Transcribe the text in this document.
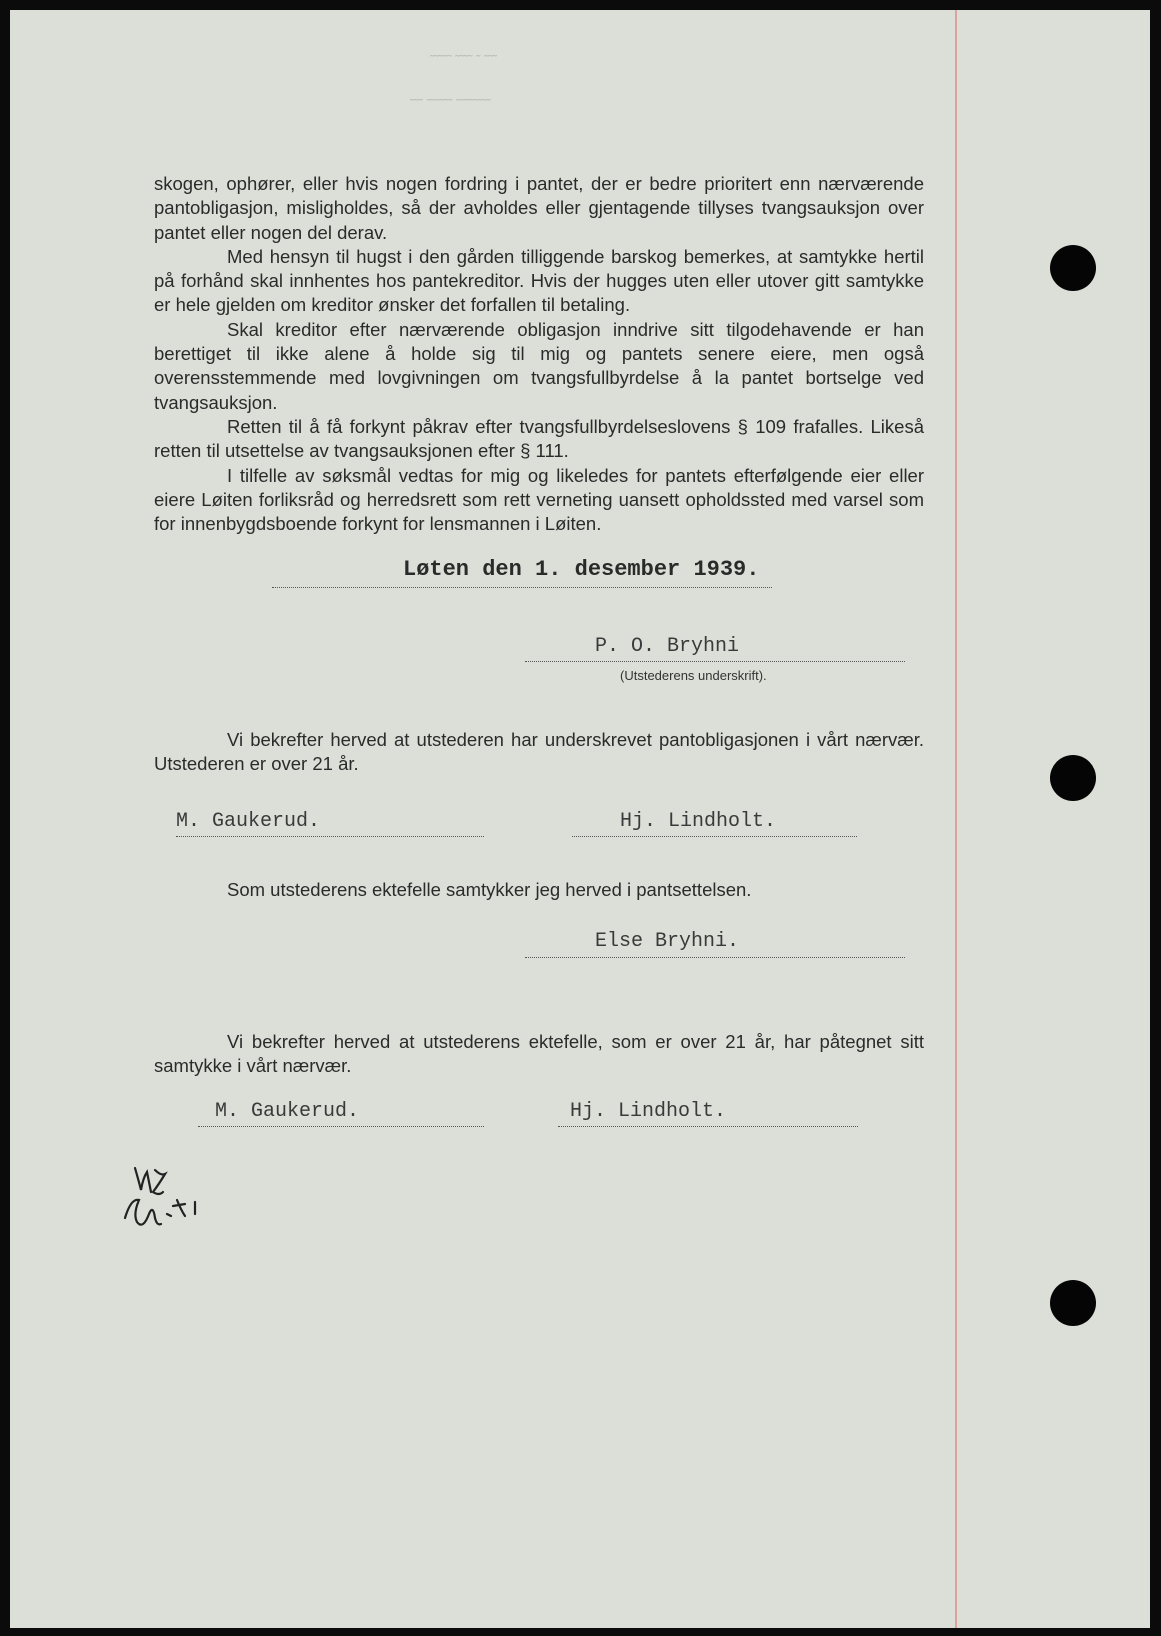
˜˜˜˜˜ ˜˜˜˜ ˜ ˜˜˜
˜˜˜ ˜˜˜˜˜˜ ˜˜˜˜˜˜˜˜

skogen, ophører, eller hvis nogen fordring i pantet, der er bedre prioritert enn nærværende pantobligasjon, misligholdes, så der avholdes eller gjentagende tillyses tvangsauksjon over pantet eller nogen del derav.

Med hensyn til hugst i den gården tilliggende barskog bemerkes, at samtykke hertil på forhånd skal innhentes hos pantekreditor. Hvis der hugges uten eller utover gitt samtykke er hele gjelden om kreditor ønsker det forfallen til betaling.

Skal kreditor efter nærværende obligasjon inndrive sitt tilgodehavende er han berettiget til ikke alene å holde sig til mig og pantets senere eiere, men også overensstemmende med lovgivningen om tvangsfullbyrdelse å la pantet bortselge ved tvangsauksjon.

Retten til å få forkynt påkrav efter tvangsfullbyrdelseslovens § 109 frafalles. Likeså retten til utsettelse av tvangsauksjonen efter § 111.

I tilfelle av søksmål vedtas for mig og likeledes for pantets efterfølgende eier eller eiere Løiten forliksråd og herredsrett som rett verneting uansett opholdssted med varsel som for innenbygdsboende forkynt for lensmannen i Løiten.

Løten den 1. desember 1939.
P. O. Bryhni
(Utstederens underskrift).
Vi bekrefter herved at utstederen har underskrevet pantobligasjonen i vårt nærvær. Utstederen er over 21 år.
M. Gaukerud.	Hj. Lindholt.
Som utstederens ektefelle samtykker jeg herved i pantsettelsen.
Else Bryhni.
Vi bekrefter herved at utstederens ektefelle, som er over 21 år, har påtegnet sitt samtykke i vårt nærvær.
M. Gaukerud.	Hj. Lindholt.
